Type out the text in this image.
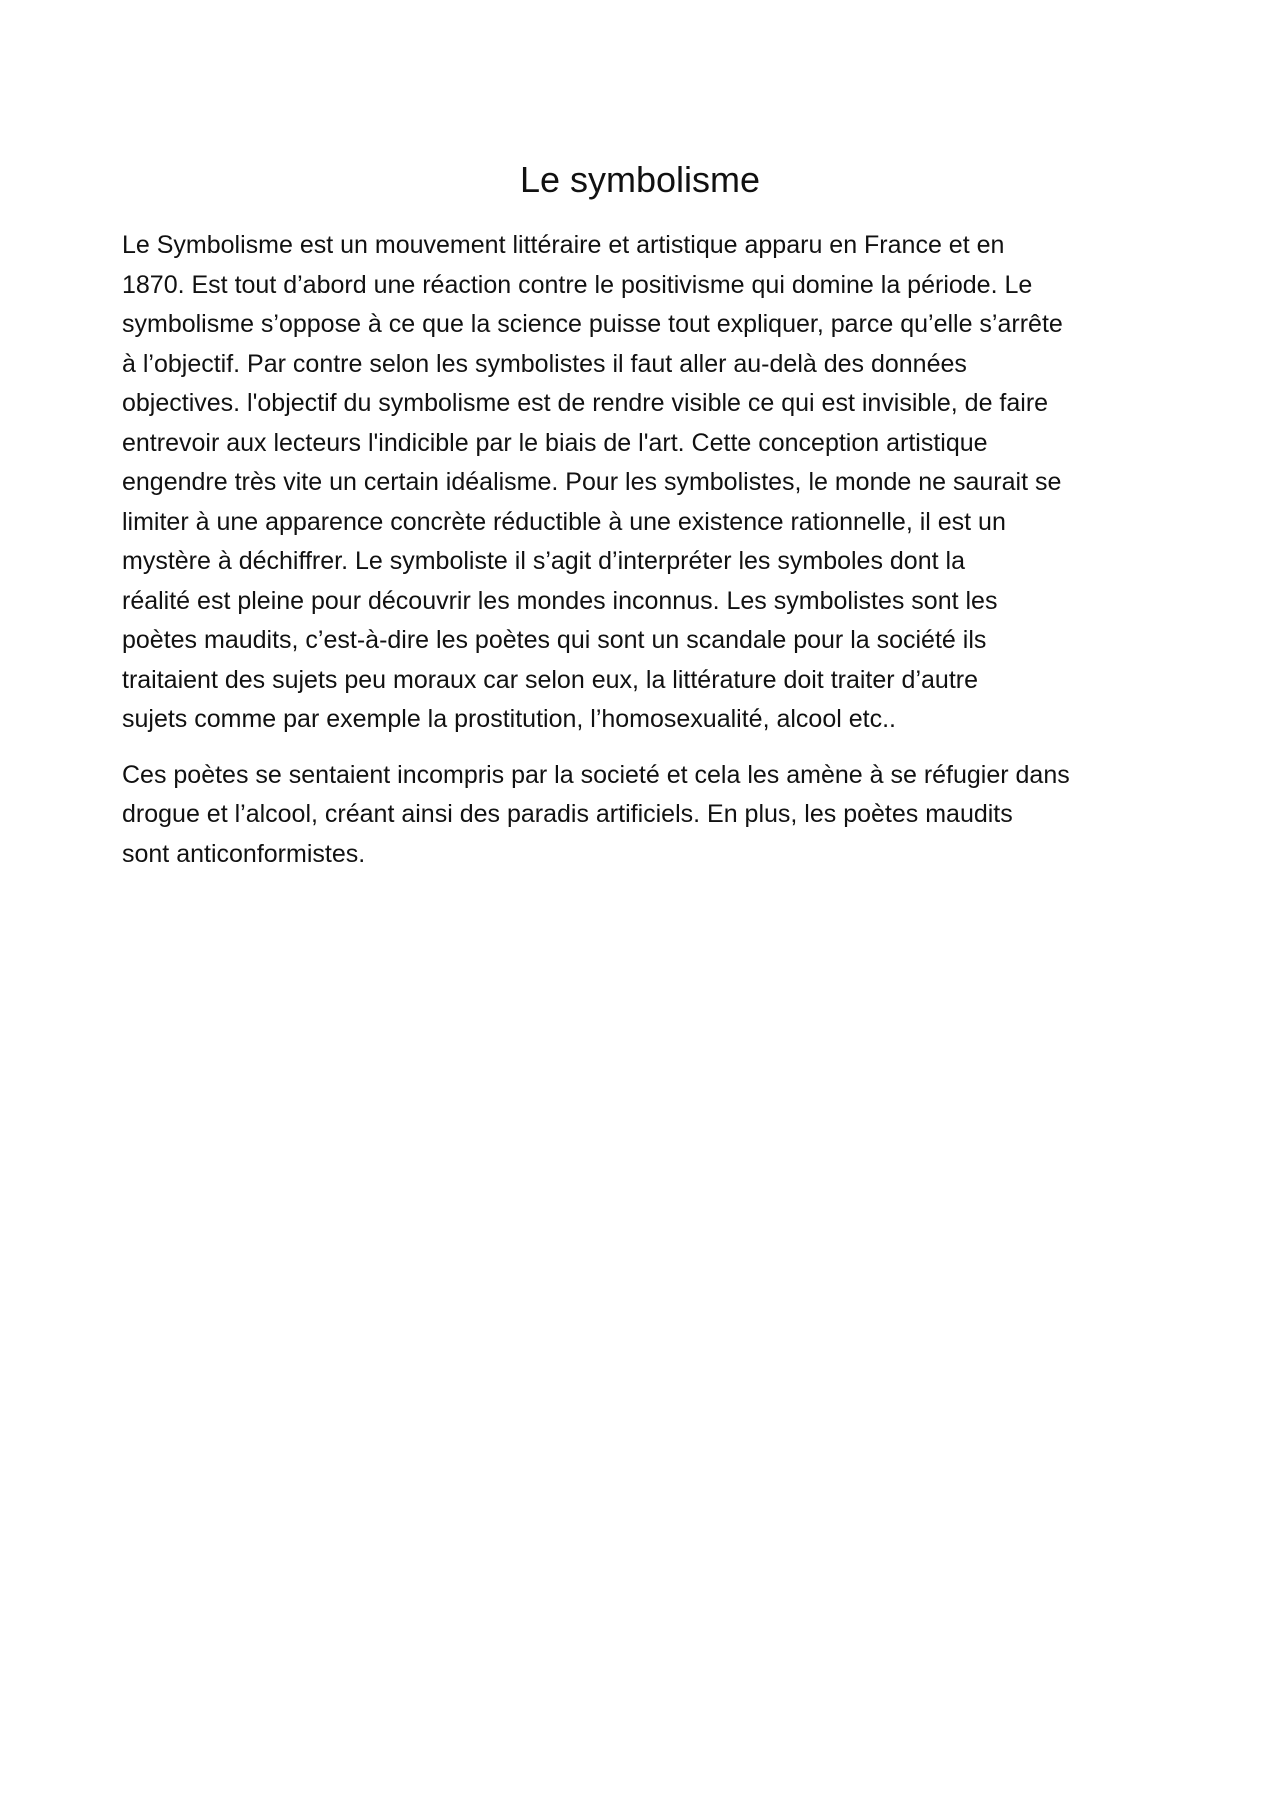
Le symbolisme

Le Symbolisme est un mouvement littéraire et artistique apparu en France et en
1870. Est tout d’abord une réaction contre le positivisme qui domine la période. Le
symbolisme s’oppose à ce que la science puisse tout expliquer, parce qu’elle s’arrête
à l’objectif. Par contre selon les symbolistes il faut aller au-delà des données
objectives. l'objectif du symbolisme est de rendre visible ce qui est invisible, de faire
entrevoir aux lecteurs l'indicible par le biais de l'art. Cette conception artistique
engendre très vite un certain idéalisme. Pour les symbolistes, le monde ne saurait se
limiter à une apparence concrète réductible à une existence rationnelle, il est un
mystère à déchiffrer. Le symboliste il s’agit d’interpréter les symboles dont la
réalité est pleine pour découvrir les mondes inconnus. Les symbolistes sont les
poètes maudits, c’est-à-dire les poètes qui sont un scandale pour la société ils
traitaient des sujets peu moraux car selon eux, la littérature doit traiter d’autre
sujets comme par exemple la prostitution, l’homosexualité, alcool etc..

Ces poètes se sentaient incompris par la societé et cela les amène à se réfugier dans
drogue et l’alcool, créant ainsi des paradis artificiels. En plus, les poètes maudits
sont anticonformistes.
